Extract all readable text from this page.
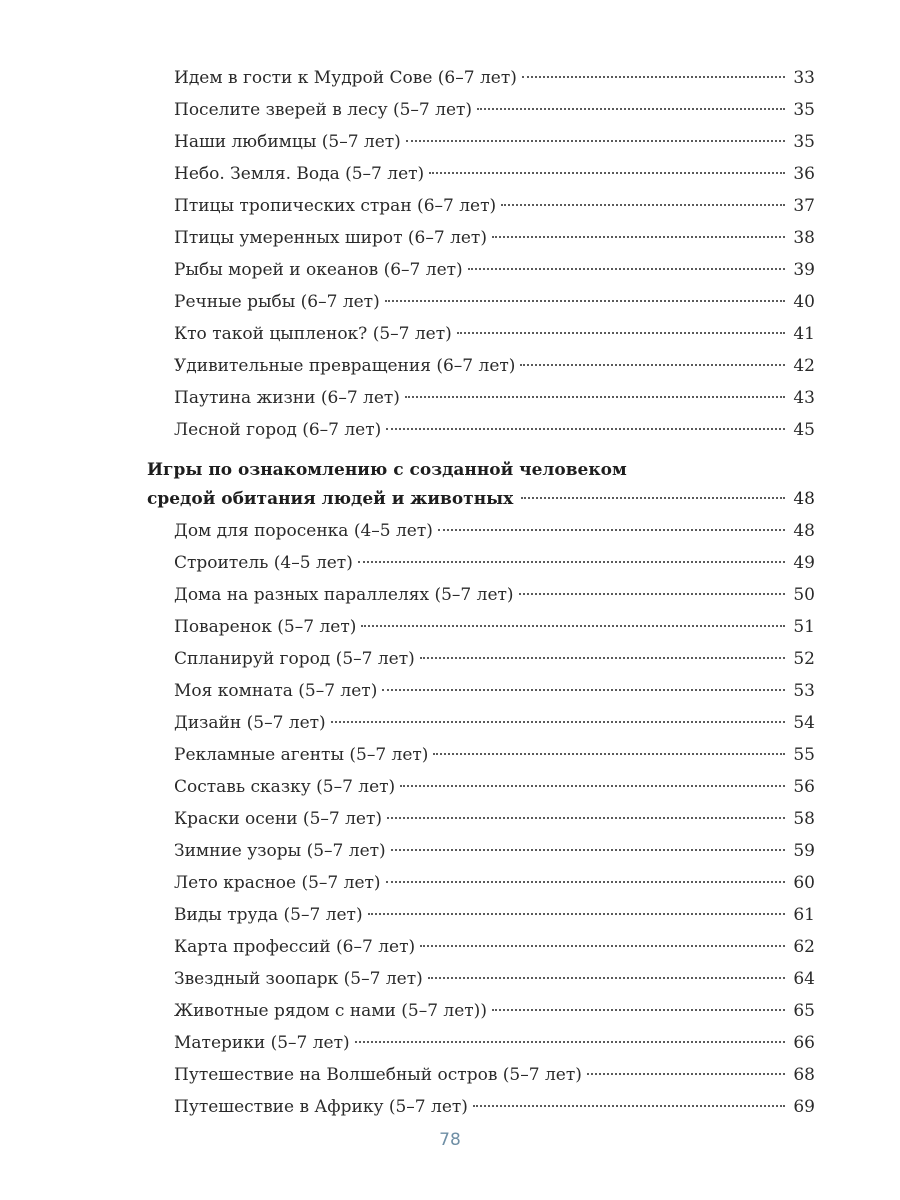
Идем в гости к Мудрой Сове (6–7 лет)	33
Поселите зверей в лесу (5–7 лет)	35
Наши любимцы (5–7 лет)	35
Небо. Земля. Вода (5–7 лет)	36
Птицы тропических стран (6–7 лет)	37
Птицы умеренных широт (6–7 лет)	38
Рыбы морей и океанов (6–7 лет)	39
Речные рыбы (6–7 лет)	40
Кто такой цыпленок? (5–7 лет)	41
Удивительные превращения (6–7 лет)	42
Паутина жизни (6–7 лет)	43
Лесной город (6–7 лет)	45
Игры по ознакомлению с созданной человеком
средой обитания людей и животных	48
Дом для поросенка (4–5 лет)	48
Строитель (4–5 лет)	49
Дома на разных параллелях (5–7 лет)	50
Поваренок (5–7 лет)	51
Спланируй город (5–7 лет)	52
Моя комната (5–7 лет)	53
Дизайн (5–7 лет)	54
Рекламные агенты (5–7 лет)	55
Составь сказку (5–7 лет)	56
Краски осени (5–7 лет)	58
Зимние узоры (5–7 лет)	59
Лето красное (5–7 лет)	60
Виды труда (5–7 лет)	61
Карта профессий (6–7 лет)	62
Звездный зоопарк (5–7 лет)	64
Животные рядом с нами (5–7 лет))	65
Материки (5–7 лет)	66
Путешествие на Волшебный остров (5–7 лет)	68
Путешествие в Африку (5–7 лет)	69
78
